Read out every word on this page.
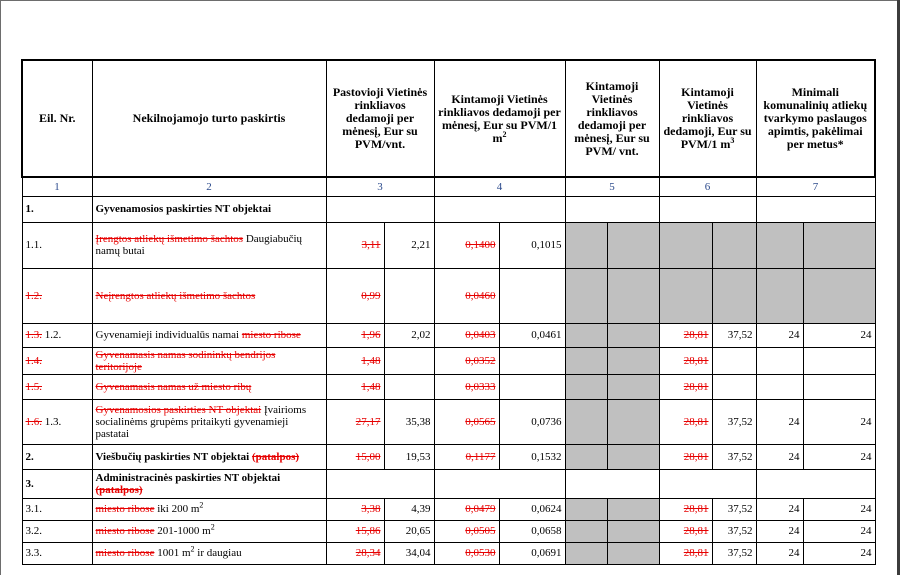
Eil. Nr.	Nekilnojamojo turto paskirtis	Pastovioji Vietinės rinkliavos dedamoji per mėnesį, Eur su PVM/vnt.		Kintamoji Vietinės rinkliavos dedamoji per mėnesį, Eur su PVM/1 $m^2$		Kintamoji Vietinės rinkliavos dedamoji per mėnesį, Eur su PVM/ vnt.		Kintamoji Vietinės rinkliavos dedamoji, Eur su PVM/1 $m^3$		Minimali komunalinių atliekų tvarkymo paslaugos apimtis, pakėlimai per metus*	
1	2	3		4		5		6		7	
1.	Gyvenamosios paskirties NT objektai										
1.1.	Įrengtos atliekų išmetimo šachtos Daugiabučių namų butai	3,11	2,21	0,1400	0,1015						
1.2.	Neįrengtos atliekų išmetimo šachtos	0,99		0,0460							
1.3. 1.2.	Gyvenamieji individualūs namai miesto ribose	1,96	2,02	0,0403	0,0461			28,81	37,52	24	24
1.4.	Gyvenamasis namas sodininkų bendrijos teritorijoje	1,48		0,0352				28,81			
1.5.	Gyvenamasis namas už miesto ribų	1,48		0,0333				28,81			
1.6. 1.3.	Gyvenamosios paskirties NT objektai Įvairioms socialinėms grupėms pritaikyti gyvenamieji pastatai	27,17	35,38	0,0565	0,0736			28,81	37,52	24	24
2.	Viešbučių paskirties NT objektai (patalpos)	15,00	19,53	0,1177	0,1532			28,81	37,52	24	24
3.	Administracinės paskirties NT objektai (patalpos)										
3.1.	miesto ribose iki 200 $m^2$	3,38	4,39	0,0479	0,0624			28,81	37,52	24	24
3.2.	miesto ribose 201-1000 $m^2$	15,86	20,65	0,0505	0,0658			28,81	37,52	24	24
3.3.	miesto ribose 1001 $m^2$ ir daugiau	28,34	34,04	0,0530	0,0691			28,81	37,52	24	24
